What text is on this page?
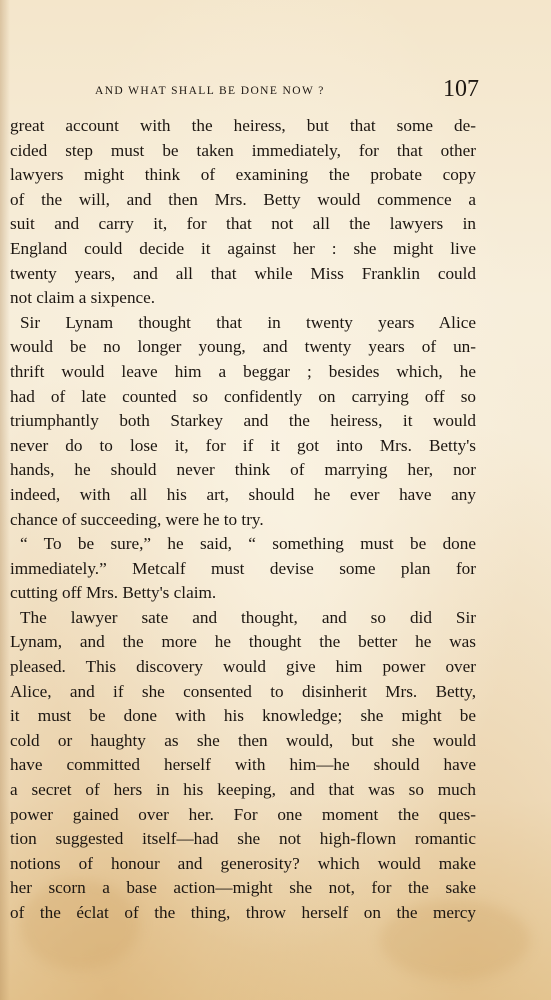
AND WHAT SHALL BE DONE NOW ?	107
great account with the heiress, but that some de-
cided step must be taken immediately, for that other
lawyers might think of examining the probate copy
of the will, and then Mrs. Betty would commence a
suit and carry it, for that not all the lawyers in
England could decide it against her : she might live
twenty years, and all that while Miss Franklin could
not claim a sixpence.
Sir Lynam thought that in twenty years Alice
would be no longer young, and twenty years of un-
thrift would leave him a beggar ; besides which, he
had of late counted so confidently on carrying off so
triumphantly both Starkey and the heiress, it would
never do to lose it, for if it got into Mrs. Betty's
hands, he should never think of marrying her, nor
indeed, with all his art, should he ever have any
chance of succeeding, were he to try.
“ To be sure,” he said, “ something must be done
immediately.” Metcalf must devise some plan for
cutting off Mrs. Betty's claim.
The lawyer sate and thought, and so did Sir
Lynam, and the more he thought the better he was
pleased. This discovery would give him power over
Alice, and if she consented to disinherit Mrs. Betty,
it must be done with his knowledge; she might be
cold or haughty as she then would, but she would
have committed herself with him—he should have
a secret of hers in his keeping, and that was so much
power gained over her. For one moment the ques-
tion suggested itself—had she not high-flown romantic
notions of honour and generosity? which would make
her scorn a base action—might she not, for the sake
of the éclat of the thing, throw herself on the mercy
